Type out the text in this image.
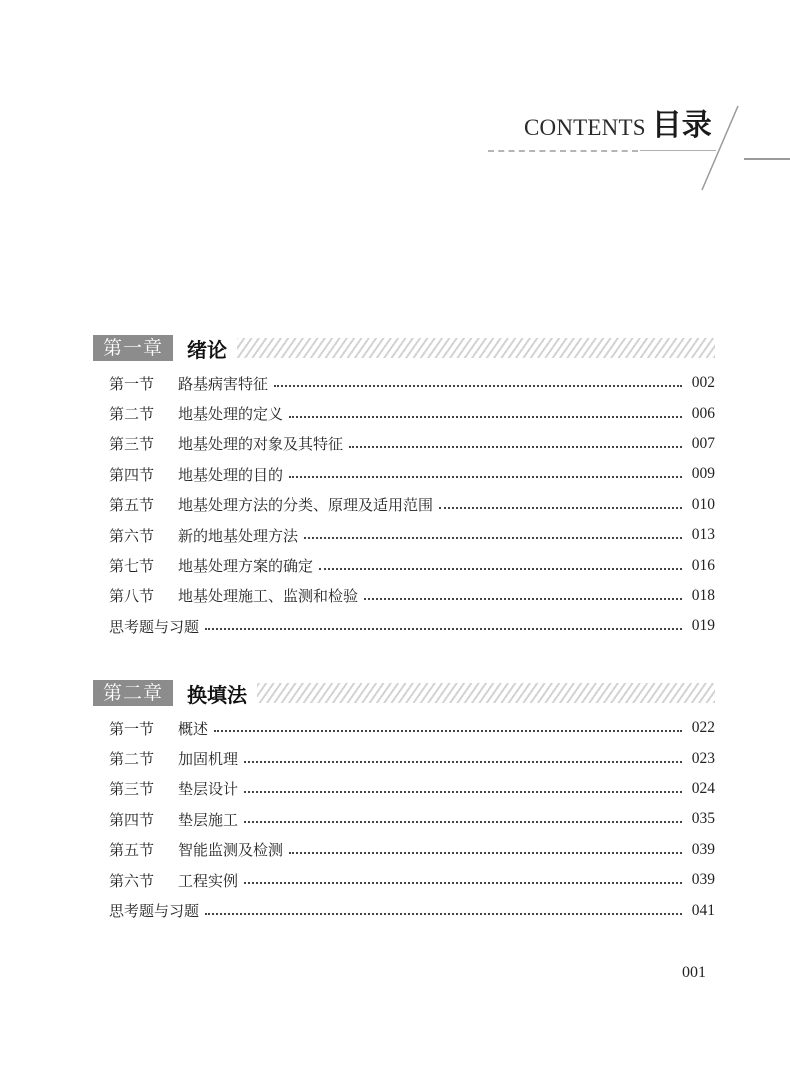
CONTENTS 目录
第一章	绪论
第一节	路基病害特征	002
第二节	地基处理的定义	006
第三节	地基处理的对象及其特征	007
第四节	地基处理的目的	009
第五节	地基处理方法的分类、原理及适用范围	010
第六节	新的地基处理方法	013
第七节	地基处理方案的确定	016
第八节	地基处理施工、监测和检验	018
思考题与习题	019
第二章	换填法
第一节	概述	022
第二节	加固机理	023
第三节	垫层设计	024
第四节	垫层施工	035
第五节	智能监测及检测	039
第六节	工程实例	039
思考题与习题	041
001
